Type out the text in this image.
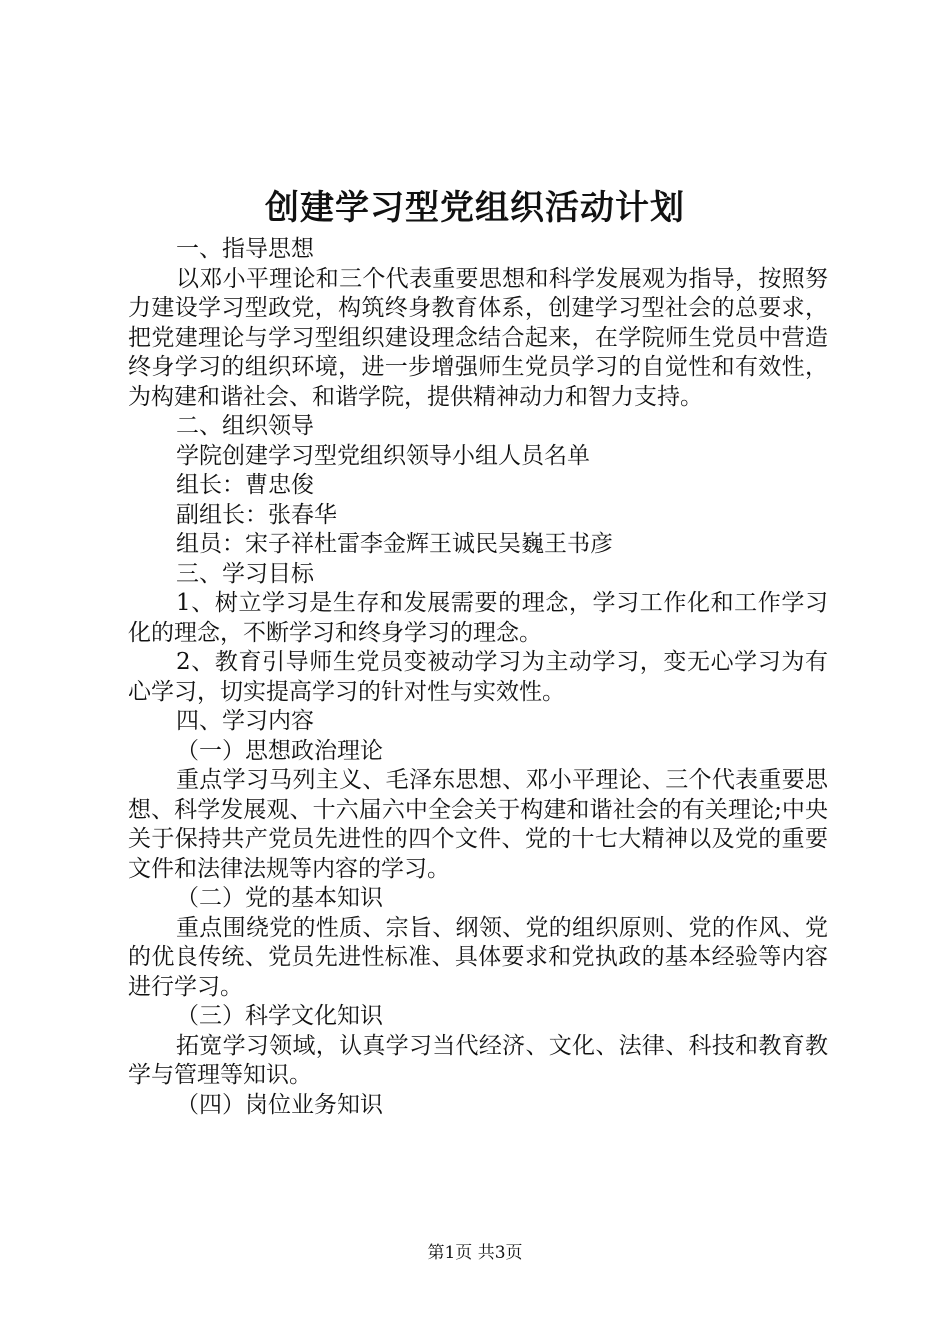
创建学习型党组织活动计划

一、指导思想

以邓小平理论和三个代表重要思想和科学发展观为指导，按照努力建设学习型政党，构筑终身教育体系，创建学习型社会的总要求，把党建理论与学习型组织建设理念结合起来，在学院师生党员中营造终身学习的组织环境，进一步增强师生党员学习的自觉性和有效性，为构建和谐社会、和谐学院，提供精神动力和智力支持。

二、组织领导

学院创建学习型党组织领导小组人员名单

组长：曹忠俊

副组长：张春华

组员：宋子祥杜雷李金辉王诚民吴巍王书彦

三、学习目标

1、树立学习是生存和发展需要的理念，学习工作化和工作学习化的理念，不断学习和终身学习的理念。

2、教育引导师生党员变被动学习为主动学习，变无心学习为有心学习，切实提高学习的针对性与实效性。

四、学习内容

（一）思想政治理论

重点学习马列主义、毛泽东思想、邓小平理论、三个代表重要思想、科学发展观、十六届六中全会关于构建和谐社会的有关理论;中央关于保持共产党员先进性的四个文件、党的十七大精神以及党的重要文件和法律法规等内容的学习。

（二）党的基本知识

重点围绕党的性质、宗旨、纲领、党的组织原则、党的作风、党的优良传统、党员先进性标准、具体要求和党执政的基本经验等内容进行学习。

（三）科学文化知识

拓宽学习领域，认真学习当代经济、文化、法律、科技和教育教学与管理等知识。

（四）岗位业务知识

第1页 共3页
